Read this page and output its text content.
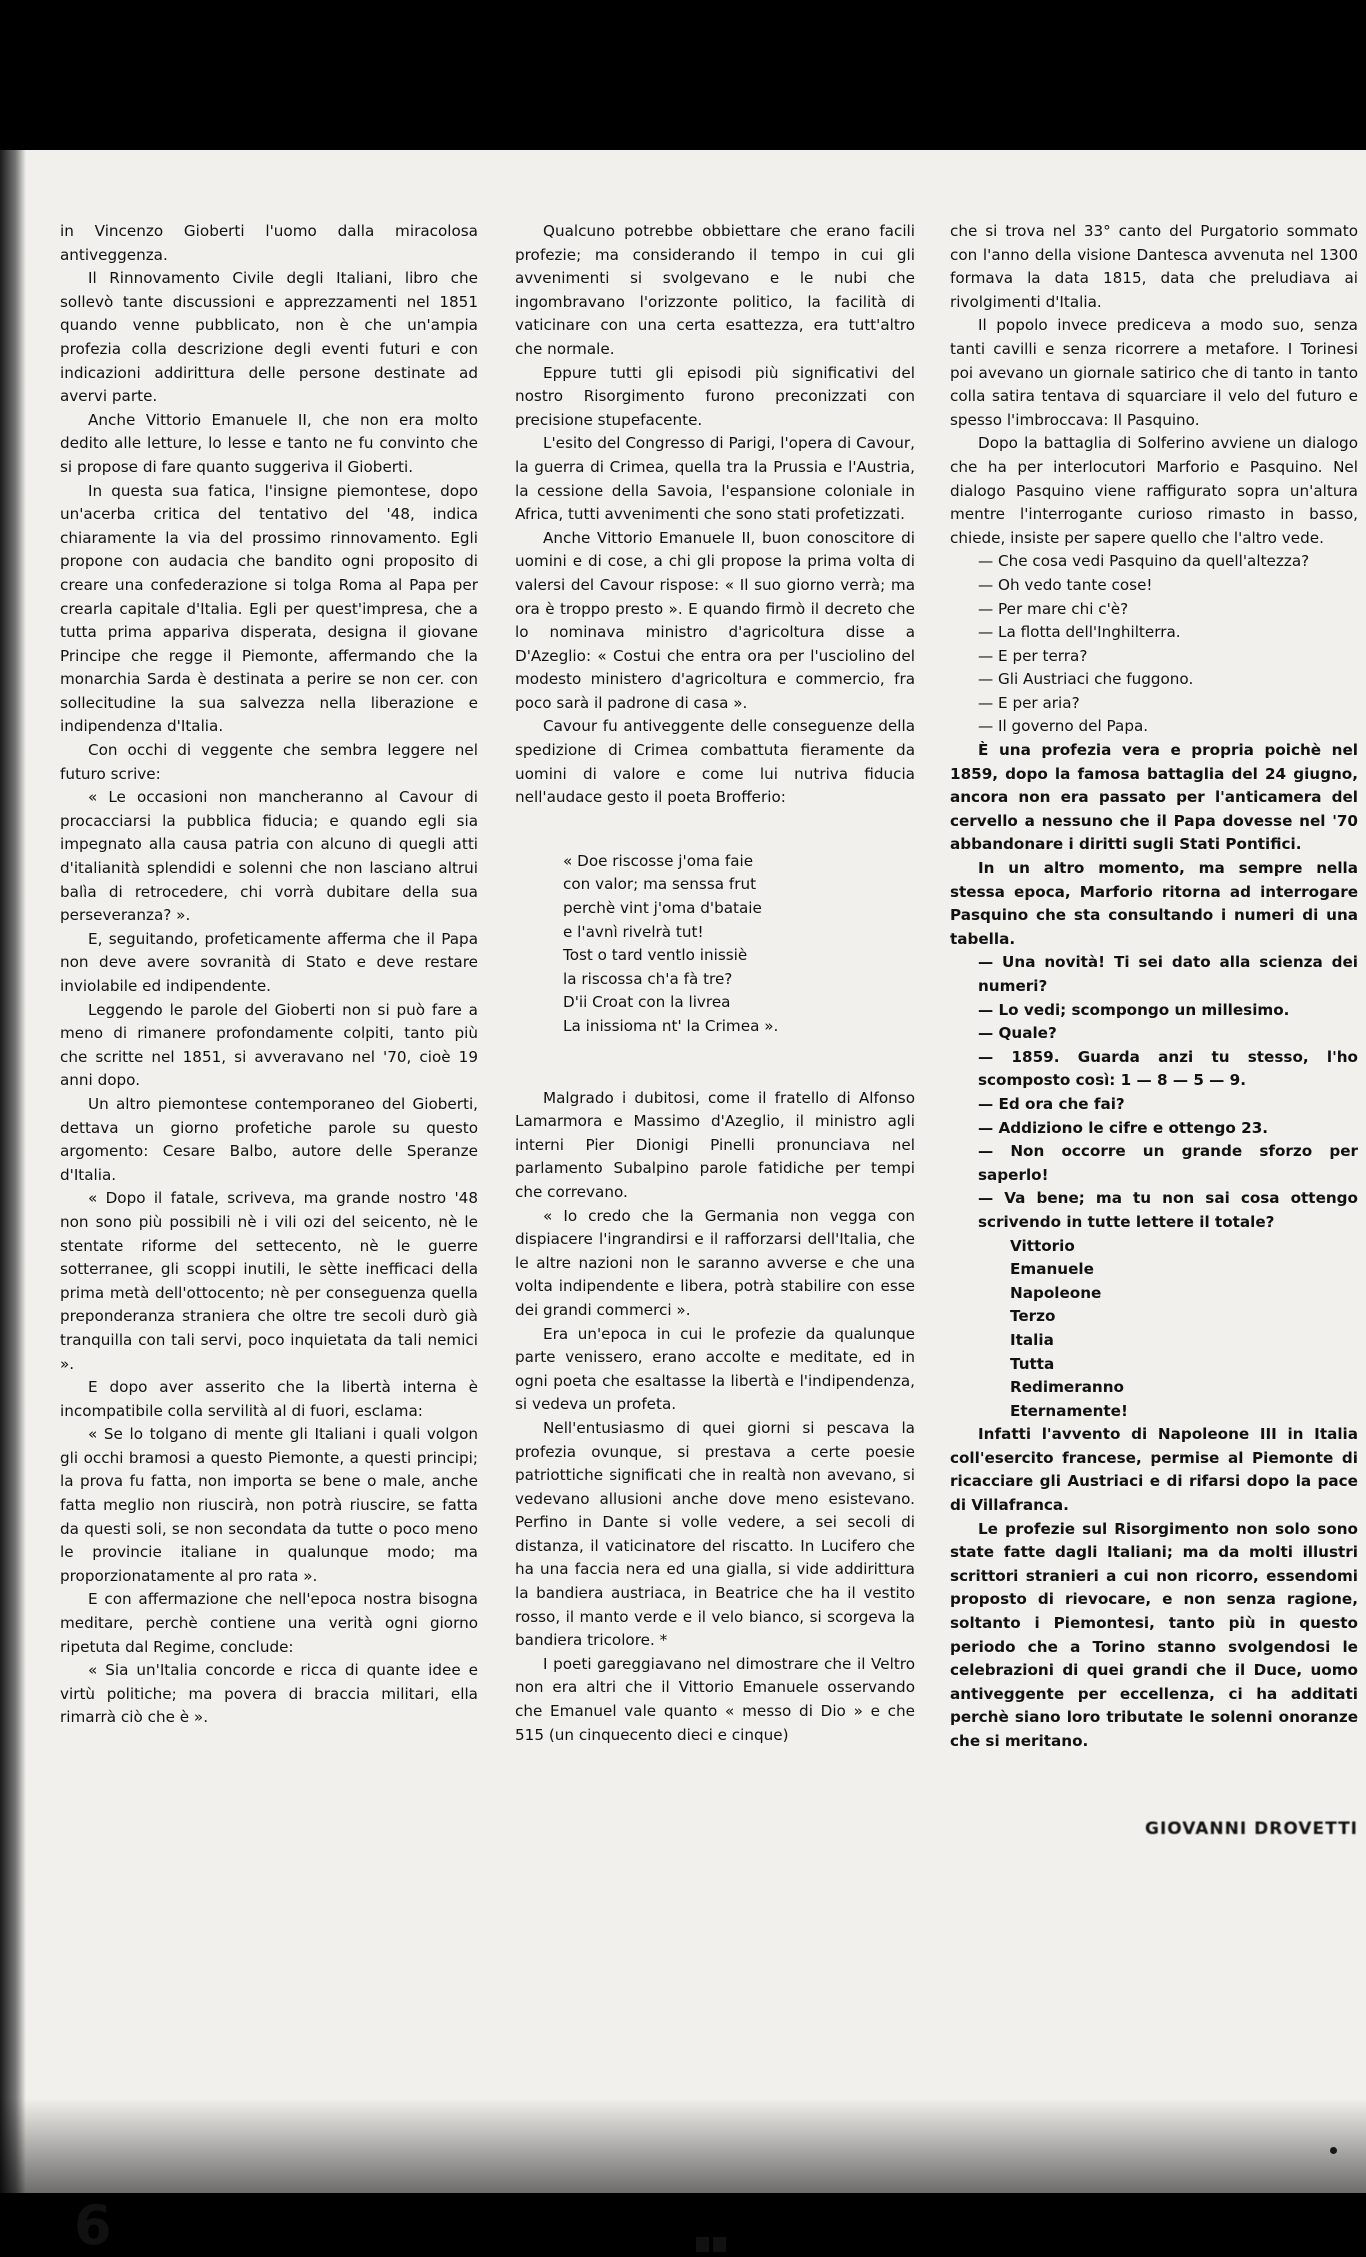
in Vincenzo Gioberti l'uomo dalla miracolosa antiveggenza.

Il Rinnovamento Civile degli Italiani, libro che sollevò tante discussioni e apprezzamenti nel 1851 quando venne pubblicato, non è che un'ampia profezia colla descrizione degli eventi futuri e con indicazioni addirittura delle persone destinate ad avervi parte.

Anche Vittorio Emanuele II, che non era molto dedito alle letture, lo lesse e tanto ne fu convinto che si propose di fare quanto suggeriva il Gioberti.

In questa sua fatica, l'insigne piemontese, dopo un'acerba critica del tentativo del '48, indica chiaramente la via del prossimo rinnovamento. Egli propone con audacia che bandito ogni proposito di creare una confederazione si tolga Roma al Papa per crearla capitale d'Italia. Egli per quest'impresa, che a tutta prima appariva disperata, designa il giovane Principe che regge il Piemonte, affermando che la monarchia Sarda è destinata a perire se non cer. con sollecitudine la sua salvezza nella liberazione e indipendenza d'Italia.

Con occhi di veggente che sembra leggere nel futuro scrive:

« Le occasioni non mancheranno al Cavour di procacciarsi la pubblica fiducia; e quando egli sia impegnato alla causa patria con alcuno di quegli atti d'italianità splendidi e solenni che non lasciano altrui balìa di retrocedere, chi vorrà dubitare della sua perseveranza? ».

E, seguitando, profeticamente afferma che il Papa non deve avere sovranità di Stato e deve restare inviolabile ed indipendente.

Leggendo le parole del Gioberti non si può fare a meno di rimanere profondamente colpiti, tanto più che scritte nel 1851, si avveravano nel '70, cioè 19 anni dopo.

Un altro piemontese contemporaneo del Gioberti, dettava un giorno profetiche parole su questo argomento: Cesare Balbo, autore delle Speranze d'Italia.

« Dopo il fatale, scriveva, ma grande nostro '48 non sono più possibili nè i vili ozi del seicento, nè le stentate riforme del settecento, nè le guerre sotterranee, gli scoppi inutili, le sètte inefficaci della prima metà dell'ottocento; nè per conseguenza quella preponderanza straniera che oltre tre secoli durò già tranquilla con tali servi, poco inquietata da tali nemici ».

E dopo aver asserito che la libertà interna è incompatibile colla servilità al di fuori, esclama:

« Se lo tolgano di mente gli Italiani i quali volgon gli occhi bramosi a questo Piemonte, a questi principi; la prova fu fatta, non importa se bene o male, anche fatta meglio non riuscirà, non potrà riuscire, se fatta da questi soli, se non secondata da tutte o poco meno le provincie italiane in qualunque modo; ma proporzionatamente al pro rata ».

E con affermazione che nell'epoca nostra bisogna meditare, perchè contiene una verità ogni giorno ripetuta dal Regime, conclude:

« Sia un'Italia concorde e ricca di quante idee e virtù politiche; ma povera di braccia militari, ella rimarrà ciò che è ».

Qualcuno potrebbe obbiettare che erano facili profezie; ma considerando il tempo in cui gli avvenimenti si svolgevano e le nubi che ingombravano l'orizzonte politico, la facilità di vaticinare con una certa esattezza, era tutt'altro che normale.

Eppure tutti gli episodi più significativi del nostro Risorgimento furono preconizzati con precisione stupefacente.

L'esito del Congresso di Parigi, l'opera di Cavour, la guerra di Crimea, quella tra la Prussia e l'Austria, la cessione della Savoia, l'espansione coloniale in Africa, tutti avvenimenti che sono stati profetizzati.

Anche Vittorio Emanuele II, buon conoscitore di uomini e di cose, a chi gli propose la prima volta di valersi del Cavour rispose: « Il suo giorno verrà; ma ora è troppo presto ». E quando firmò il decreto che lo nominava ministro d'agricoltura disse a D'Azeglio: « Costui che entra ora per l'usciolino del modesto ministero d'agricoltura e commercio, fra poco sarà il padrone di casa ».

Cavour fu antiveggente delle conseguenze della spedizione di Crimea combattuta fieramente da uomini di valore e come lui nutriva fiducia nell'audace gesto il poeta Brofferio:

« Doe riscosse j'oma faie
con valor; ma senssa frut
perchè vint j'oma d'bataie
e l'avnì rivelrà tut!
Tost o tard ventlo inissiè
la riscossa ch'a fà tre?
D'ii Croat con la livrea
La inissioma nt' la Crimea ».

Malgrado i dubitosi, come il fratello di Alfonso Lamarmora e Massimo d'Azeglio, il ministro agli interni Pier Dionigi Pinelli pronunciava nel parlamento Subalpino parole fatidiche per tempi che correvano.

« Io credo che la Germania non vegga con dispiacere l'ingrandirsi e il rafforzarsi dell'Italia, che le altre nazioni non le saranno avverse e che una volta indipendente e libera, potrà stabilire con esse dei grandi commerci ».

Era un'epoca in cui le profezie da qualunque parte venissero, erano accolte e meditate, ed in ogni poeta che esaltasse la libertà e l'indipendenza, si vedeva un profeta.

Nell'entusiasmo di quei giorni si pescava la profezia ovunque, si prestava a certe poesie patriottiche significati che in realtà non avevano, si vedevano allusioni anche dove meno esistevano. Perfino in Dante si volle vedere, a sei secoli di distanza, il vaticinatore del riscatto. In Lucifero che ha una faccia nera ed una gialla, si vide addirittura la bandiera austriaca, in Beatrice che ha il vestito rosso, il manto verde e il velo bianco, si scorgeva la bandiera tricolore. *

I poeti gareggiavano nel dimostrare che il Veltro non era altri che il Vittorio Emanuele osservando che Emanuel vale quanto « messo di Dio » e che 515 (un cinquecento dieci e cinque)

che si trova nel 33° canto del Purgatorio sommato con l'anno della visione Dantesca avvenuta nel 1300 formava la data 1815, data che preludiava ai rivolgimenti d'Italia.

Il popolo invece prediceva a modo suo, senza tanti cavilli e senza ricorrere a metafore. I Torinesi poi avevano un giornale satirico che di tanto in tanto colla satira tentava di squarciare il velo del futuro e spesso l'imbroccava: Il Pasquino.

Dopo la battaglia di Solferino avviene un dialogo che ha per interlocutori Marforio e Pasquino. Nel dialogo Pasquino viene raffigurato sopra un'altura mentre l'interrogante curioso rimasto in basso, chiede, insiste per sapere quello che l'altro vede.

— Che cosa vedi Pasquino da quell'altezza?

— Oh vedo tante cose!

— Per mare chi c'è?

— La flotta dell'Inghilterra.

— E per terra?

— Gli Austriaci che fuggono.

— E per aria?

— Il governo del Papa.

È una profezia vera e propria poichè nel 1859, dopo la famosa battaglia del 24 giugno, ancora non era passato per l'anticamera del cervello a nessuno che il Papa dovesse nel '70 abbandonare i diritti sugli Stati Pontifici.

In un altro momento, ma sempre nella stessa epoca, Marforio ritorna ad interrogare Pasquino che sta consultando i numeri di una tabella.

— Una novità! Ti sei dato alla scienza dei numeri?

— Lo vedi; scompongo un millesimo.

— Quale?

— 1859. Guarda anzi tu stesso, l'ho scomposto così: 1 — 8 — 5 — 9.

— Ed ora che fai?

— Addiziono le cifre e ottengo 23.

— Non occorre un grande sforzo per saperlo!

— Va bene; ma tu non sai cosa ottengo scrivendo in tutte lettere il totale?

Vittorio
Emanuele
Napoleone
Terzo
Italia
Tutta
Redimeranno
Eternamente!

Infatti l'avvento di Napoleone III in Italia coll'esercito francese, permise al Piemonte di ricacciare gli Austriaci e di rifarsi dopo la pace di Villafranca.

Le profezie sul Risorgimento non solo sono state fatte dagli Italiani; ma da molti illustri scrittori stranieri a cui non ricorro, essendomi proposto di rievocare, e non senza ragione, soltanto i Piemontesi, tanto più in questo periodo che a Torino stanno svolgendosi le celebrazioni di quei grandi che il Duce, uomo antiveggente per eccellenza, ci ha additati perchè siano loro tributate le solenni onoranze che si meritano.

GIOVANNI DROVETTI
6
